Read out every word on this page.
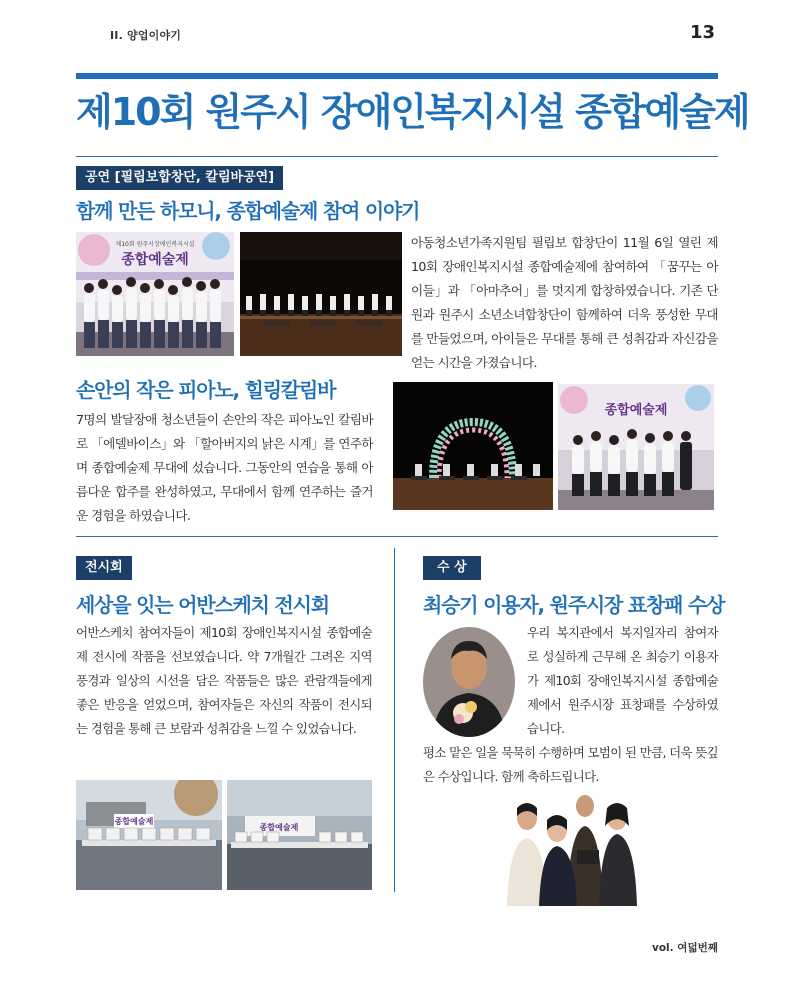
II. 양업이야기	13
제10회 원주시 장애인복지시설 종합예술제
공연 [필립보합창단, 칼림바공연]
함께 만든 하모니, 종합예술제 참여 이야기
제10회 원주시장애인복지시설
종합예술제
아동청소년가족지원팀 필립보 합창단이 11월 6일 열린 제10회 장애인복지시설 종합예술제에 참여하여 「꿈꾸는 아이들」과 「아마추어」를 멋지게 합창하였습니다. 기존 단원과 원주시 소년소녀합창단이 함께하여 더욱 풍성한 무대를 만들었으며, 아이들은 무대를 통해 큰 성취감과 자신감을 얻는 시간을 가졌습니다.
손안의 작은 피아노, 힐링칼림바
7명의 발달장애 청소년들이 손안의 작은 피아노인 칼림바로 「에델바이스」와 「할아버지의 낡은 시계」를 연주하며 종합예술제 무대에 섰습니다. 그동안의 연습을 통해 아름다운 합주를 완성하였고, 무대에서 함께 연주하는 즐거운 경험을 하였습니다.
종합예술제
전시회
세상을 잇는 어반스케치 전시회
어반스케치 참여자들이 제10회 장애인복지시설 종합예술제 전시에 작품을 선보였습니다. 약 7개월간 그려온 지역 풍경과 일상의 시선을 담은 작품들은 많은 관람객들에게 좋은 반응을 얻었으며, 참여자들은 자신의 작품이 전시되는 경험을 통해 큰 보람과 성취감을 느낄 수 있었습니다.
종합예술제
종합예술제
수 상
최승기 이용자, 원주시장 표창패 수상
우리 복지관에서 복지일자리 참여자로 성실하게 근무해 온 최승기 이용자가 제10회 장애인복지시설 종합예술제에서 원주시장 표창패를 수상하였습니다.
평소 맡은 일을 묵묵히 수행하며 모범이 된 만큼, 더욱 뜻깊은 수상입니다. 함께 축하드립니다.
vol. 여덟번째
